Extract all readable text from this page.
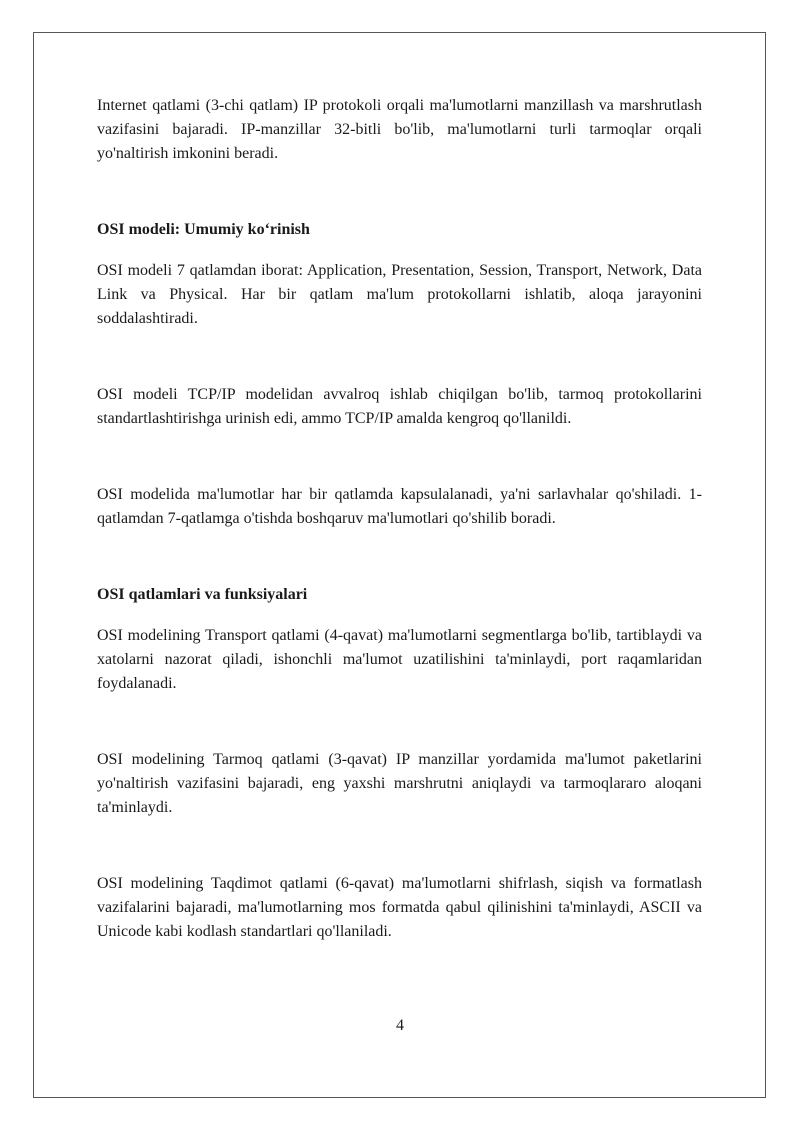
Internet qatlami (3-chi qatlam) IP protokoli orqali ma'lumotlarni manzillash va marshrutlash vazifasini bajaradi. IP-manzillar 32-bitli bo'lib, ma'lumotlarni turli tarmoqlar orqali yo'naltirish imkonini beradi.

OSI modeli: Umumiy koʻrinish

OSI modeli 7 qatlamdan iborat: Application, Presentation, Session, Transport, Network, Data Link va Physical. Har bir qatlam ma'lum protokollarni ishlatib, aloqa jarayonini soddalashtiradi.

OSI modeli TCP/IP modelidan avvalroq ishlab chiqilgan bo'lib, tarmoq protokollarini standartlashtirishga urinish edi, ammo TCP/IP amalda kengroq qo'llanildi.

OSI modelida ma'lumotlar har bir qatlamda kapsulalanadi, ya'ni sarlavhalar qo'shiladi. 1-qatlamdan 7-qatlamga o'tishda boshqaruv ma'lumotlari qo'shilib boradi.

OSI qatlamlari va funksiyalari

OSI modelining Transport qatlami (4-qavat) ma'lumotlarni segmentlarga bo'lib, tartiblaydi va xatolarni nazorat qiladi, ishonchli ma'lumot uzatilishini ta'minlaydi, port raqamlaridan foydalanadi.

OSI modelining Tarmoq qatlami (3-qavat) IP manzillar yordamida ma'lumot paketlarini yo'naltirish vazifasini bajaradi, eng yaxshi marshrutni aniqlaydi va tarmoqlararo aloqani ta'minlaydi.

OSI modelining Taqdimot qatlami (6-qavat) ma'lumotlarni shifrlash, siqish va formatlash vazifalarini bajaradi, ma'lumotlarning mos formatda qabul qilinishini ta'minlaydi, ASCII va Unicode kabi kodlash standartlari qo'llaniladi.

4
